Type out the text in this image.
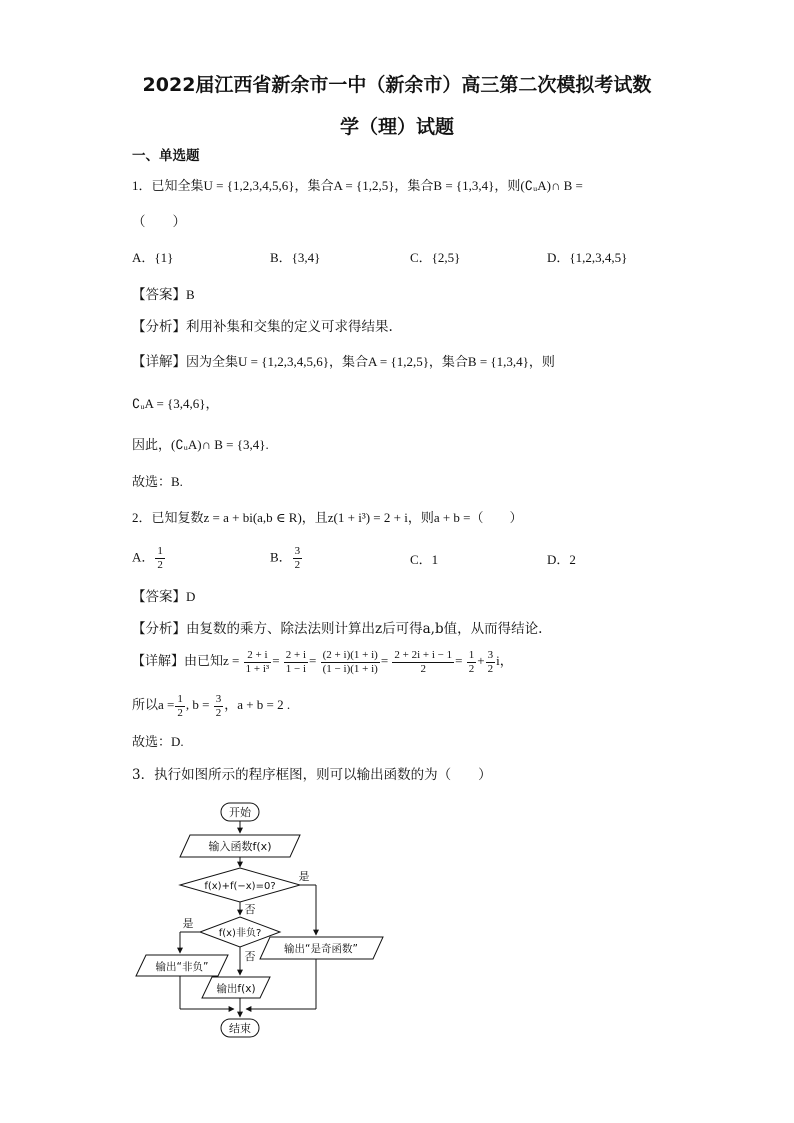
2022届江西省新余市一中（新余市）高三第二次模拟考试数
学（理）试题
一、单选题
1．已知全集U = {1,2,3,4,5,6}，集合A = {1,2,5}，集合B = {1,3,4}，则(∁ᵤA)∩ B =
（　　）
A．{1}	B．{3,4}	C．{2,5}	D．{1,2,3,4,5}
【答案】B
【分析】利用补集和交集的定义可求得结果.
【详解】因为全集U = {1,2,3,4,5,6}，集合A = {1,2,5}，集合B = {1,3,4}，则
∁ᵤA = {3,4,6}，
因此，(∁ᵤA)∩ B = {3,4}.
故选：B.
2．已知复数z = a + bi(a,b ∈ R)，且z(1 + i³) = 2 + i，则a + b =（　　）
A． $\frac{1}{2}$	B． $\frac{3}{2}$	C．1	D．2
【答案】D
【分析】由复数的乘方、除法法则计算出z后可得a,b值，从而得结论.
【详解】由已知$z = \frac{2 + i}{\text{1 + i³}} = \frac{2 + i}{1 - i} = \frac{(2 + i)(1 + i)}{(1 - i)(1 + i)} = \frac{2 + 2i + i - 1}{2} = \frac{1}{2} + \frac{3}{2}$ i，
所以$a = \frac{1}{2}$ , $b = \frac{3}{2}$ ，a + b = 2 .
故选：D.
3．执行如图所示的程序框图，则可以输出函数的为（　　）
开始
输入函数f(x)
f(x)+f(−x)=0?
是
否
f(x)非负?
是
否
输出“是奇函数”
输出“非负”
输出f(x)
结束
